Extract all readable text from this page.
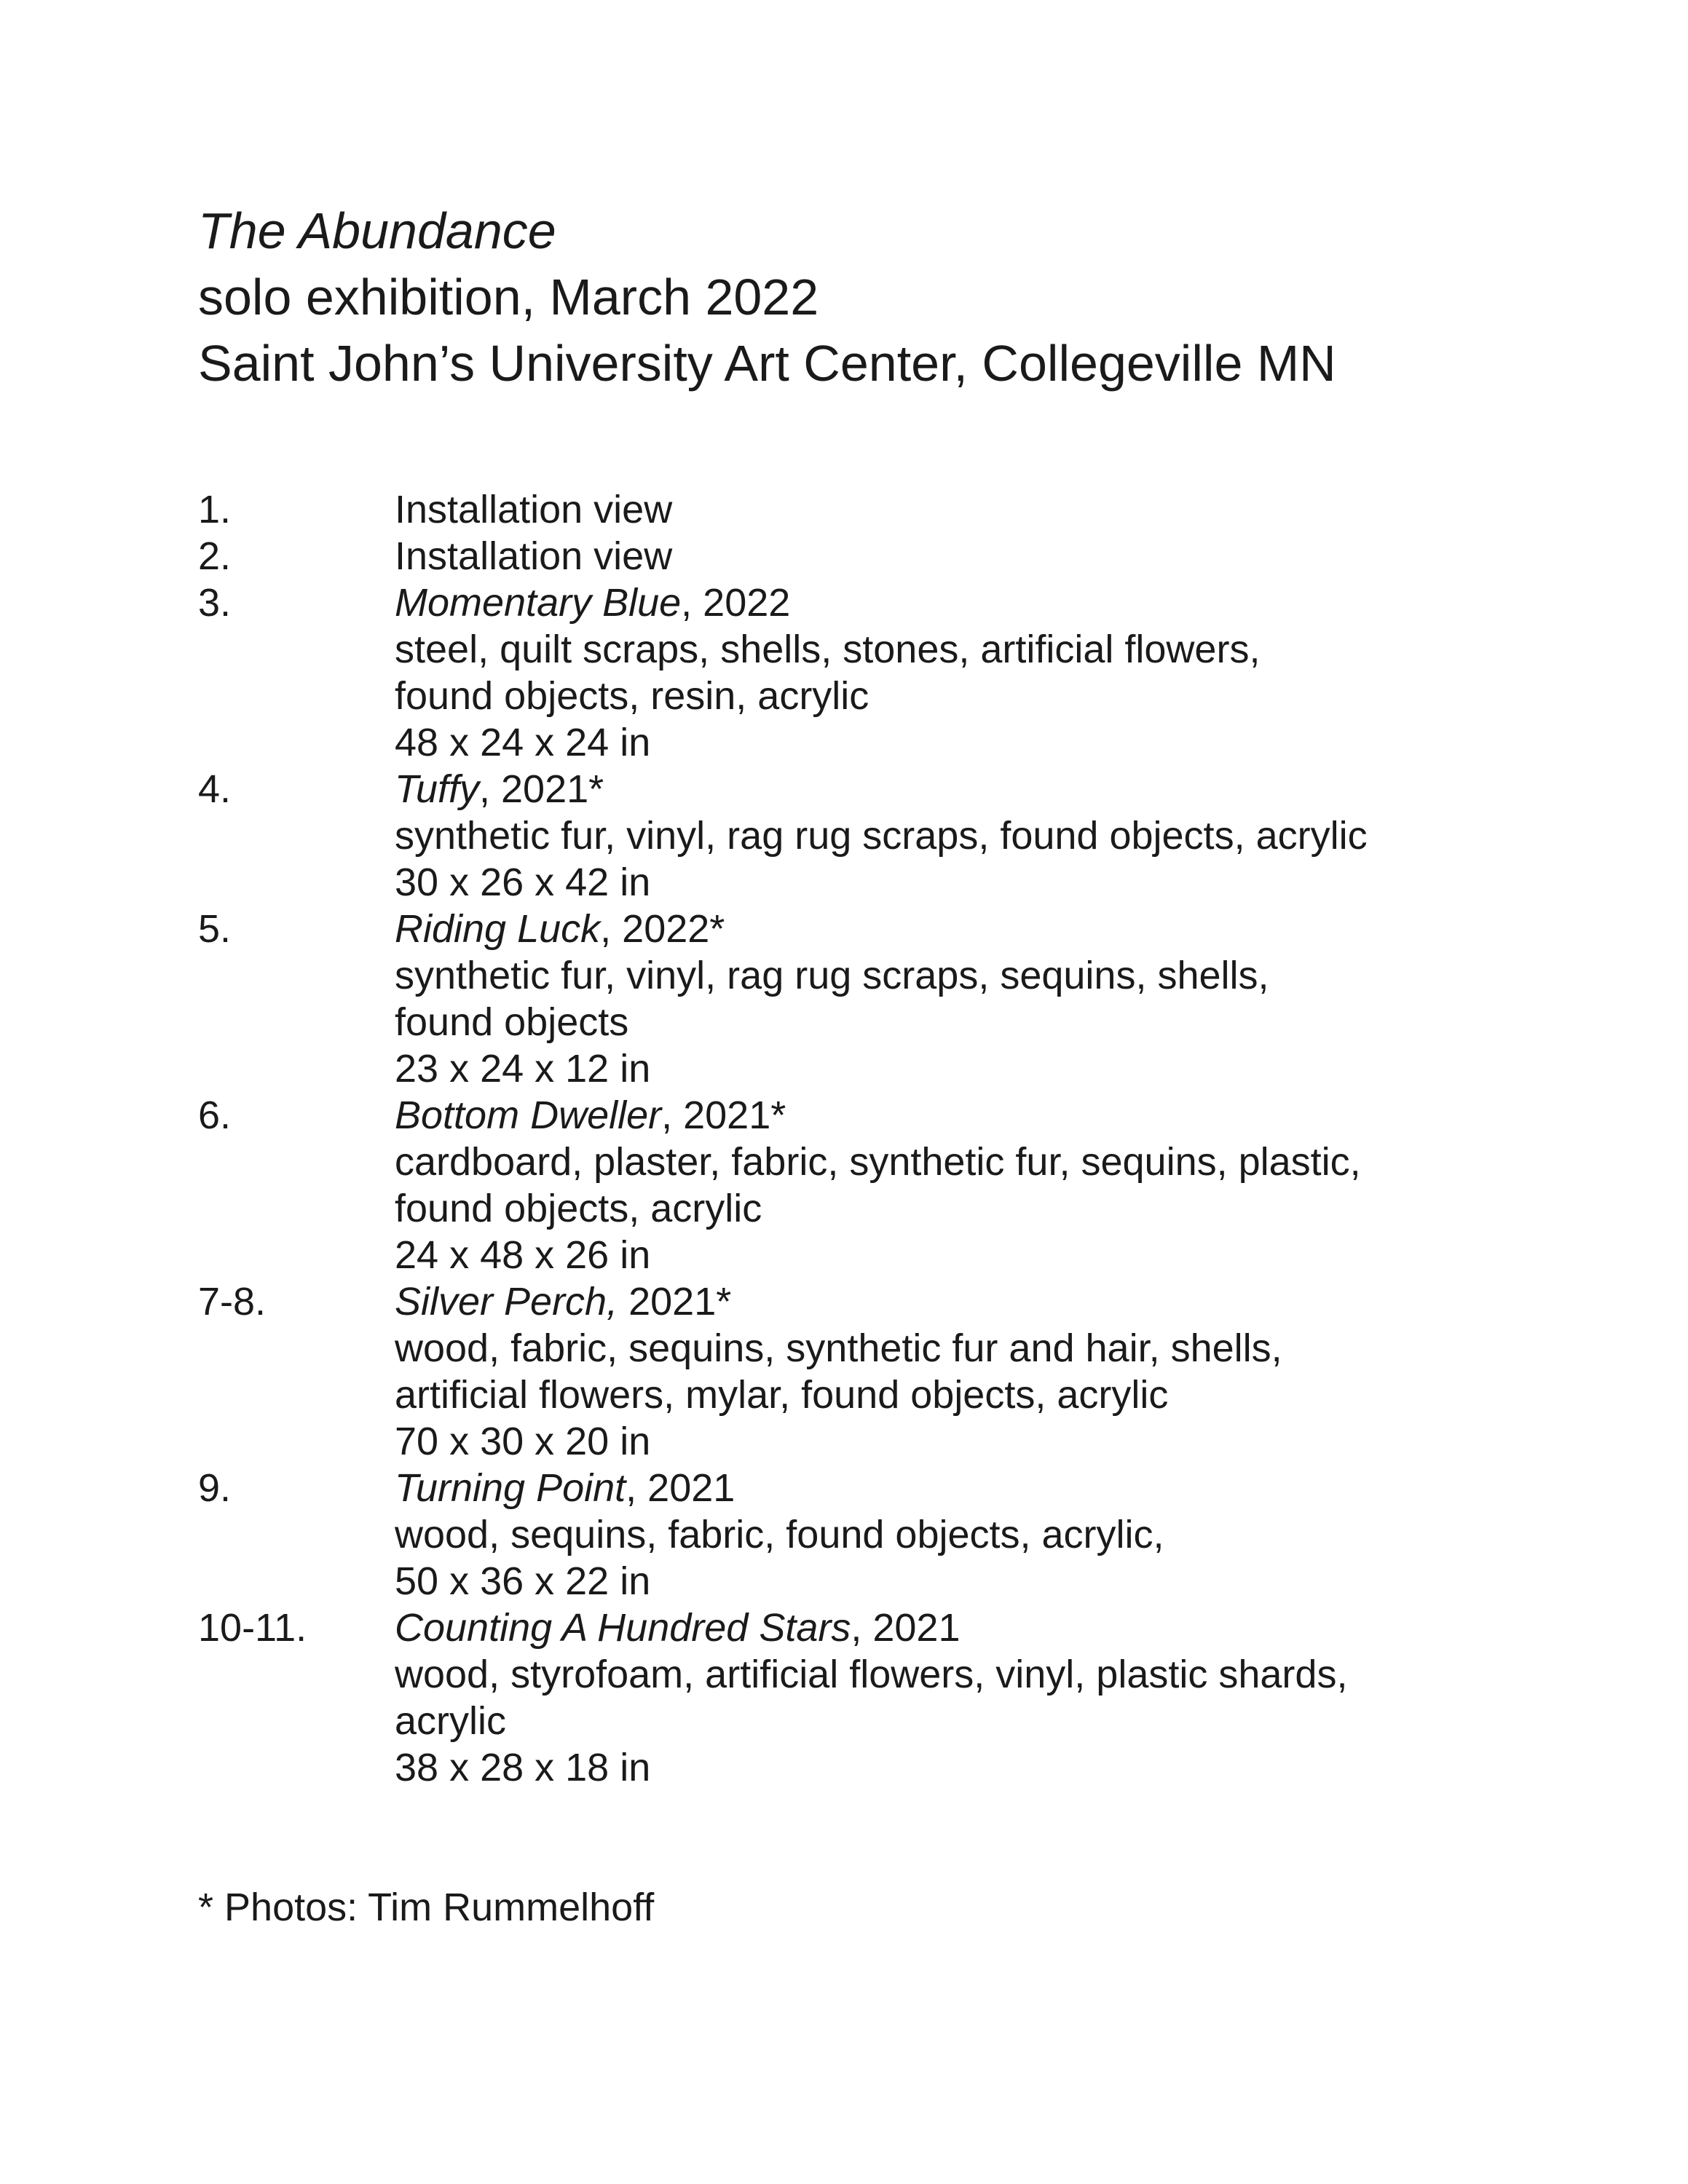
The Abundance
solo exhibition, March 2022
Saint John’s University Art Center, Collegeville MN
1.	Installation view
2.	Installation view
3.	Momentary Blue, 2022
steel, quilt scraps, shells, stones, artificial flowers,
found objects, resin, acrylic
48 x 24 x 24 in
4.	Tuffy, 2021*
synthetic fur, vinyl, rag rug scraps, found objects, acrylic
30 x 26 x 42 in
5.	Riding Luck, 2022*
synthetic fur, vinyl, rag rug scraps, sequins, shells,
found objects
23 x 24 x 12 in
6.	Bottom Dweller, 2021*
cardboard, plaster, fabric, synthetic fur, sequins, plastic,
found objects, acrylic
24 x 48 x 26 in
7-8.	Silver Perch, 2021*
wood, fabric, sequins, synthetic fur and hair, shells,
artificial flowers, mylar, found objects, acrylic
70 x 30 x 20 in
9.	Turning Point, 2021
wood, sequins, fabric, found objects, acrylic,
50 x 36 x 22 in
10-11.	Counting A Hundred Stars, 2021
wood, styrofoam, artificial flowers, vinyl, plastic shards,
acrylic
38 x 28 x 18 in
* Photos: Tim Rummelhoff
